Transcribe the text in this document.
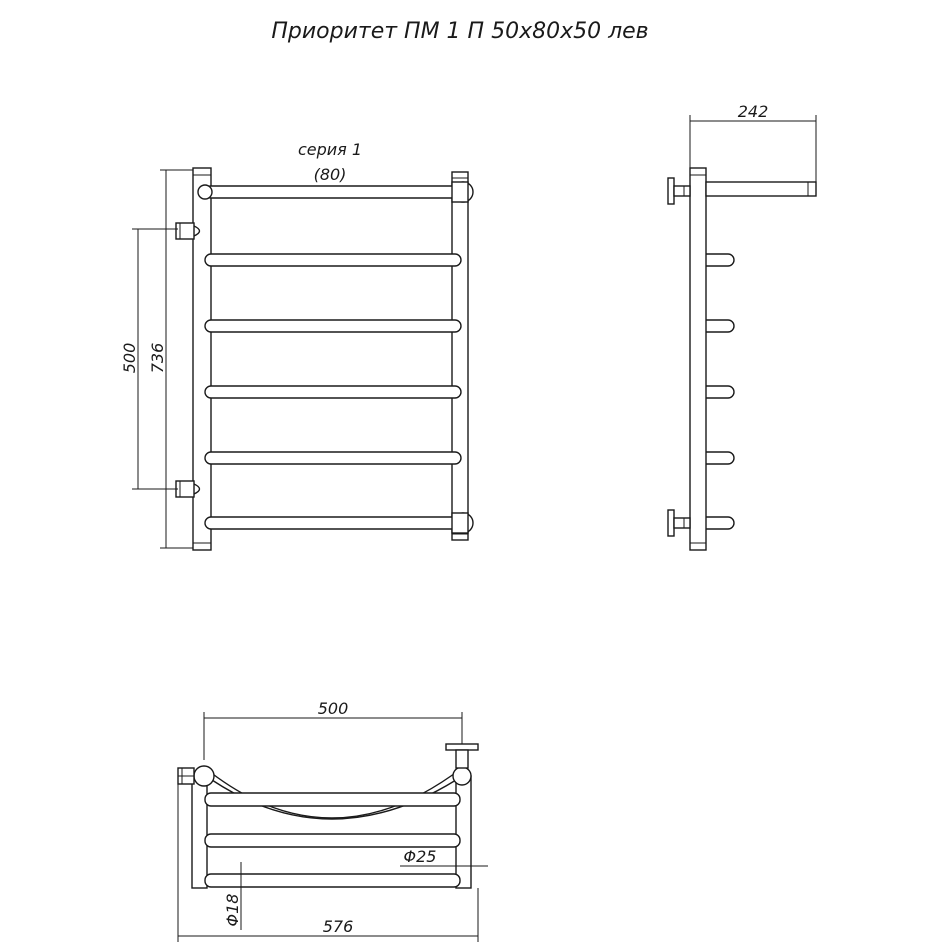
Приоритет ПМ 1 П 50х80х50 лев
серия 1
(80)
736
500
242
500
576
Φ25
Φ18
